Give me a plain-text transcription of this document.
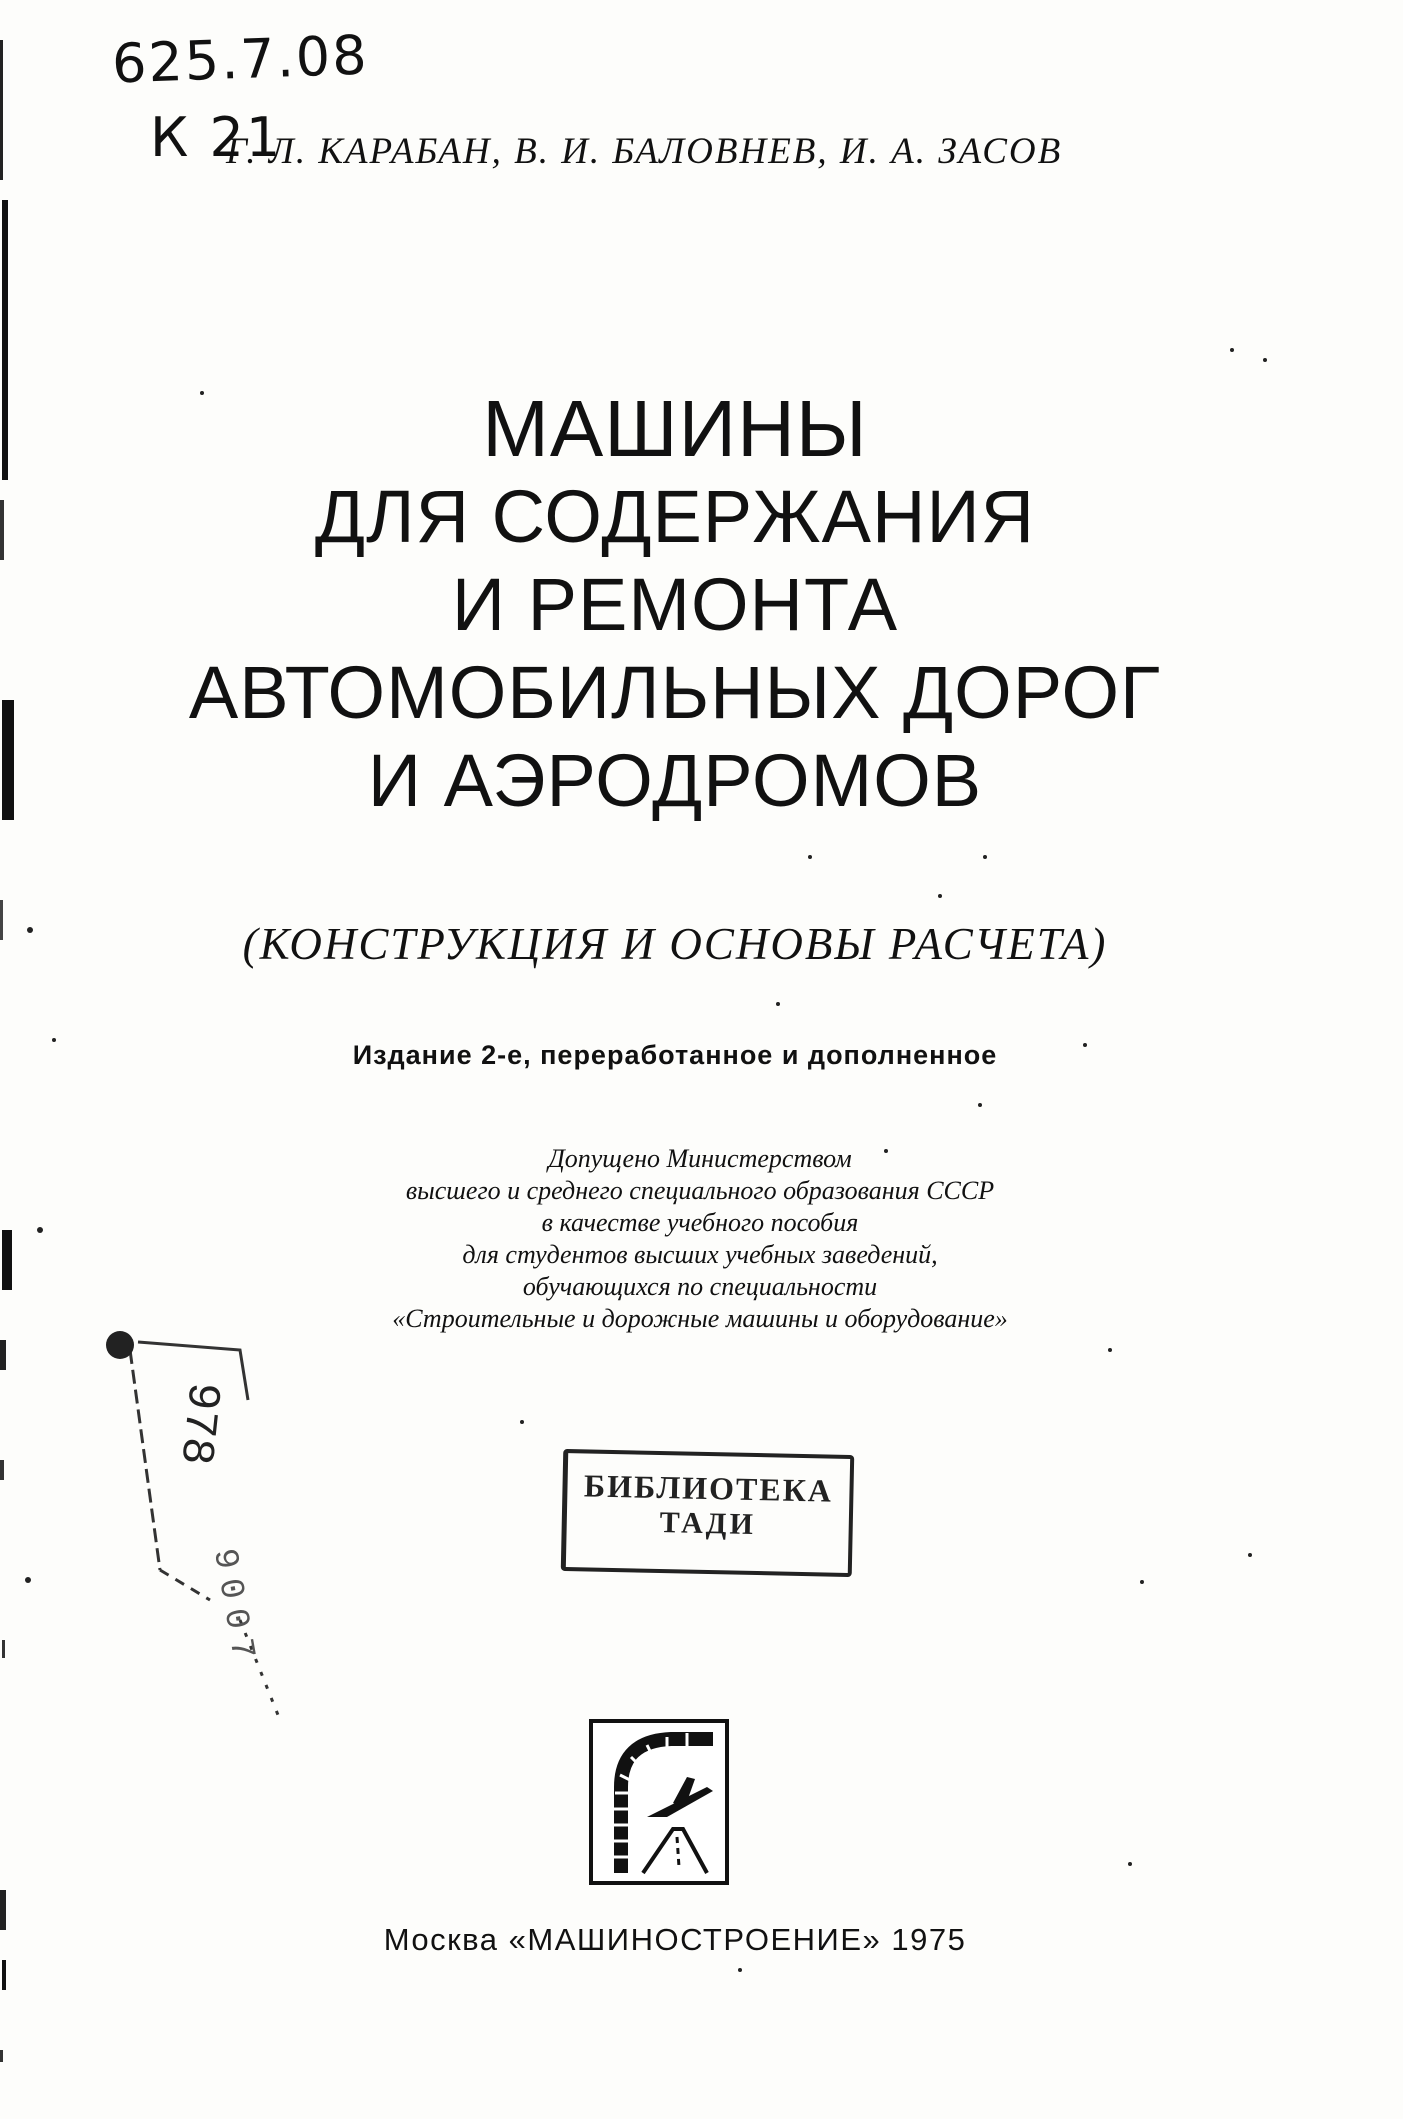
625.7.08
К 21
Г. Л. КАРАБАН, В. И. БАЛОВНЕВ, И. А. ЗАСОВ
МАШИНЫ
ДЛЯ СОДЕРЖАНИЯ
И РЕМОНТА
АВТОМОБИЛЬНЫХ ДОРОГ
И АЭРОДРОМОВ
(КОНСТРУКЦИЯ И ОСНОВЫ РАСЧЕТА)
Издание 2-е, переработанное и дополненное
Допущено Министерством
высшего и среднего специального образования СССР
в качестве учебного пособия
для студентов высших учебных заведений,
обучающихся по специальности
«Строительные и дорожные машины и оборудование»
978
9007
БИБЛИОТЕКА
ТАДИ
Москва «МАШИНОСТРОЕНИЕ» 1975
